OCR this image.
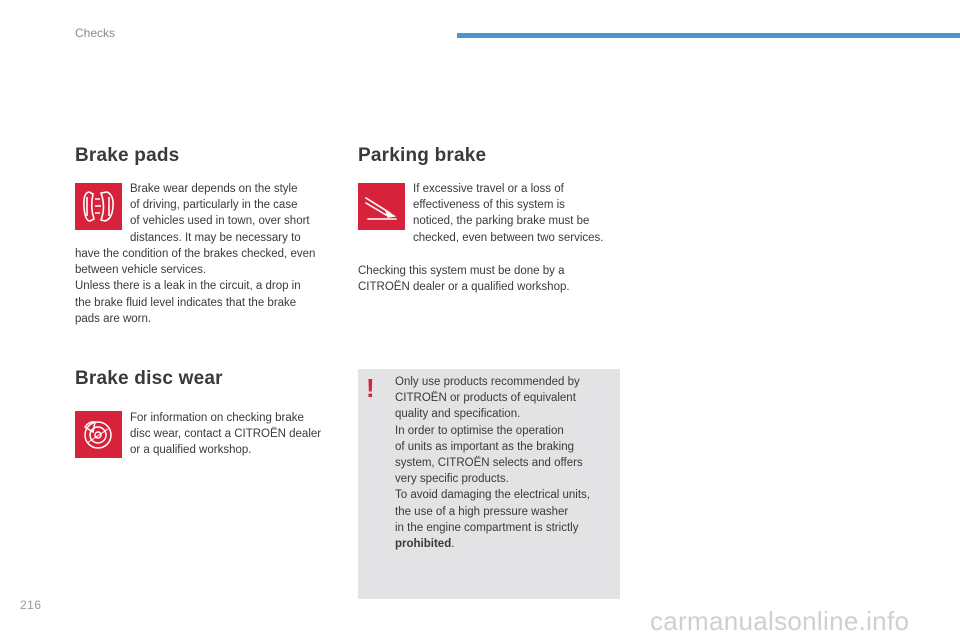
Checks
Brake pads

Brake wear depends on the style

of driving, particularly in the case

of vehicles used in town, over short

distances. It may be necessary to

have the condition of the brakes checked, even

between vehicle services.

Unless there is a leak in the circuit, a drop in

the brake fluid level indicates that the brake

pads are worn.

Brake disc wear

For information on checking brake

disc wear, contact a CITROËN dealer

or a qualified workshop.

Parking brake

If excessive travel or a loss of

effectiveness of this system is

noticed, the parking brake must be

checked, even between two services.

Checking this system must be done by a

CITROËN dealer or a qualified workshop.

! Only use products recommended by

CITROËN or products of equivalent

quality and specification.

In order to optimise the operation

of units as important as the braking

system, CITROËN selects and offers

very specific products.

To avoid damaging the electrical units,

the use of a high pressure washer

in the engine compartment is strictly

prohibited.

216
carmanualsonline.info
